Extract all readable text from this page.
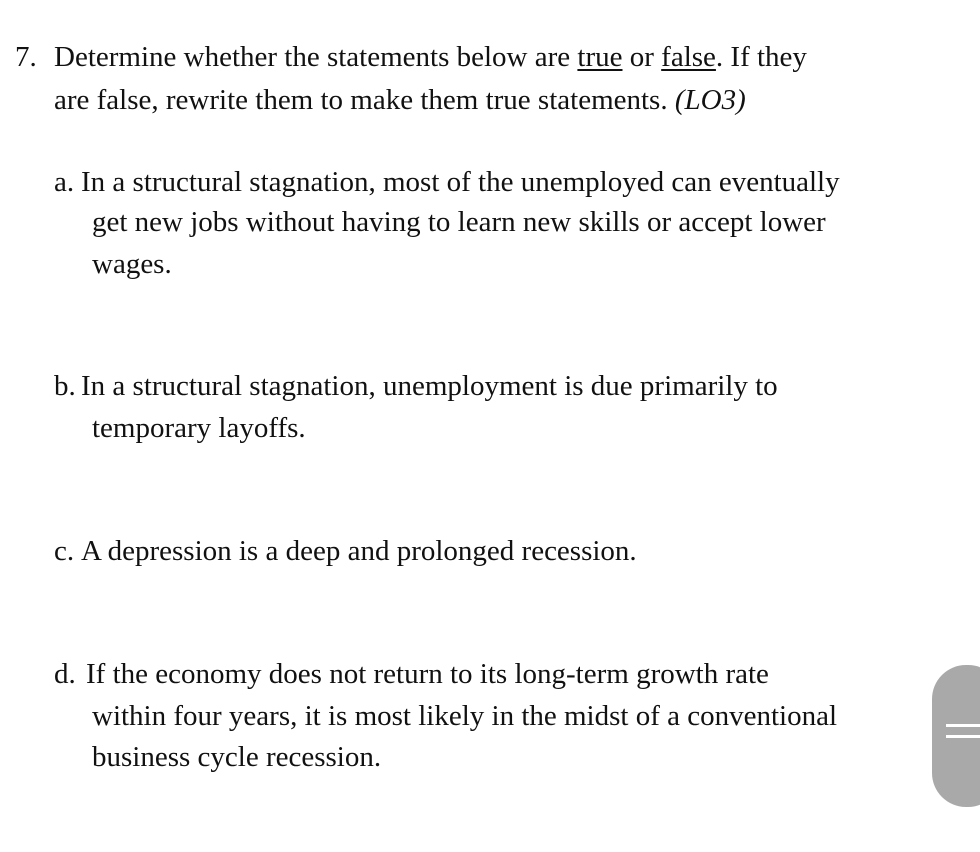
7. Determine whether the statements below are true or false. If they
are false, rewrite them to make them true statements. (LO3)
a. In a structural stagnation, most of the unemployed can eventually
get new jobs without having to learn new skills or accept lower
wages.
b. In a structural stagnation, unemployment is due primarily to
temporary layoffs.
c. A depression is a deep and prolonged recession.
d. If the economy does not return to its long-term growth rate
within four years, it is most likely in the midst of a conventional
business cycle recession.
